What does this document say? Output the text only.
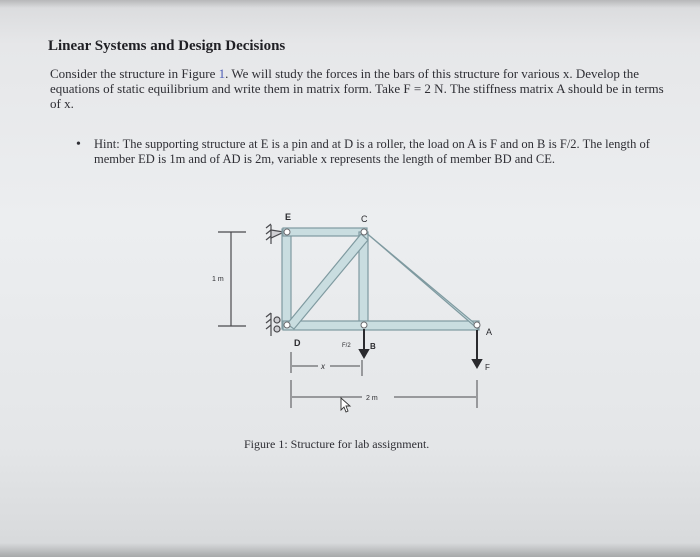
Linear Systems and Design Decisions
Consider the structure in Figure 1. We will study the forces in the bars of this structure for various x. Develop the equations of static equilibrium and write them in matrix form. Take F = 2 N. The stiffness matrix A should be in terms of x.
•	Hint: The supporting structure at E is a pin and at D is a roller, the load on A is F and on B is F/2. The length of member ED is 1m and of AD is 2m, variable x represents the length of member BD and CE.
E	C
D
A
B
F/2
F
1 m
x
2 m
Figure 1: Structure for lab assignment.
